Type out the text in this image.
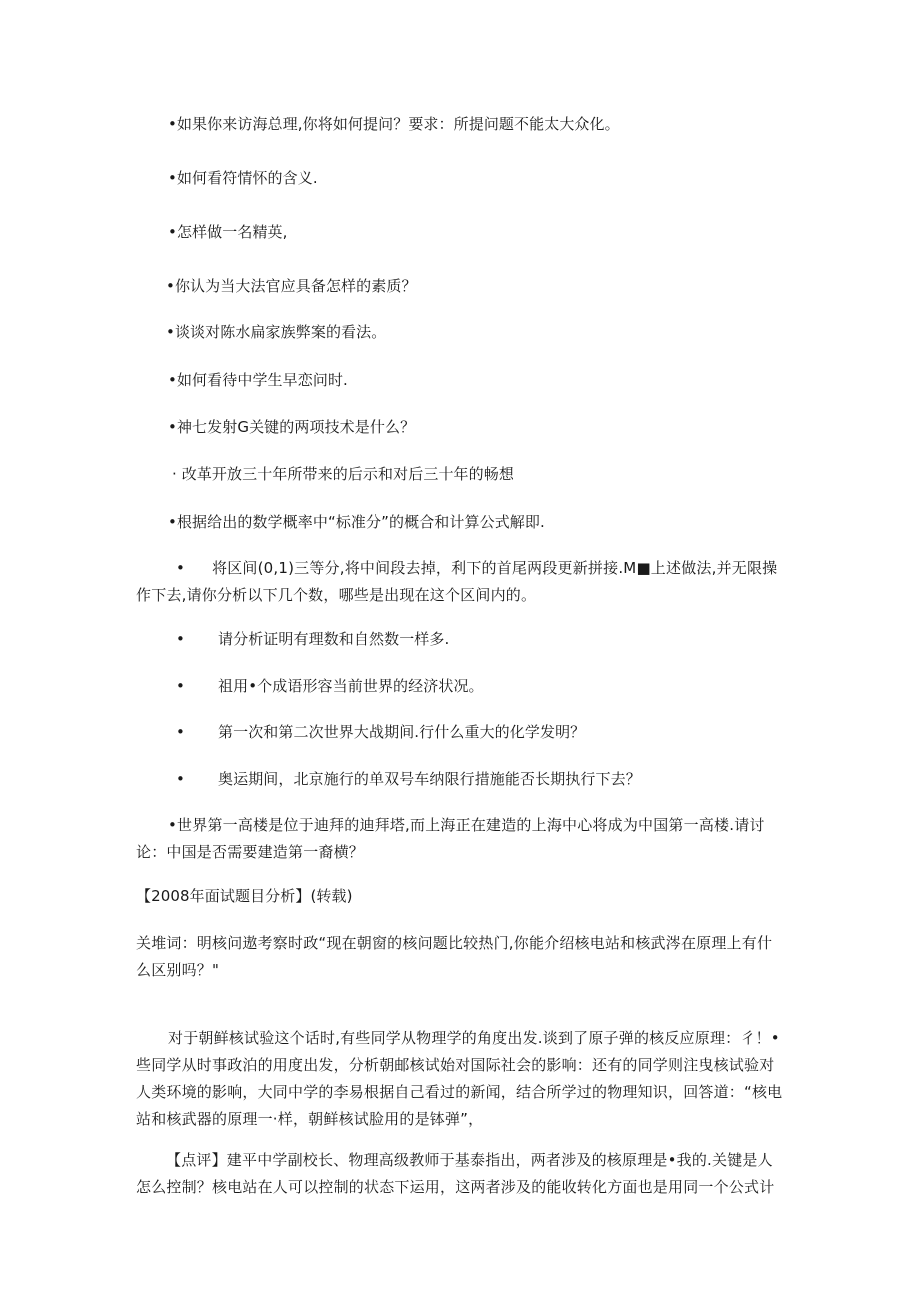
•如果你来访海总理,你将如何提问？要求：所提问题不能太大众化。
•如何看符情怀的含义.
•怎样做一名精英,
•你认为当大法官应具备怎样的素质？
•谈谈对陈水扁家族弊案的看法。
•如何看待中学生早恋问时.
•神七发射G关键的两项技术是什么？
· 改革开放三十年所带来的后示和对后三十年的畅想
•根据给出的数学概率中“标准分”的概合和计算公式解即.
• 将区间(0,1)三等分,将中间段去掉，利下的首尾两段更新拼接.M■上述做法,并无限操作下去,请你分析以下几个数，哪些是出现在这个区间内的。
• 请分析证明有理数和自然数一样多.
• 祖用•个成语形容当前世界的经济状况。
• 第一次和第二次世界大战期间.行什么重大的化学发明？
• 奥运期间，北京施行的单双号车纳限行措施能否长期执行下去？
•世界第一高楼是位于迪拜的迪拜塔,而上海正在建造的上海中心将成为中国第一高楼.请讨论：中国是否需要建造第一裔横？
【2008年面试题目分析】(转载)
关堆词：明核问遨考察时政“现在朝窗的核问题比较热门,你能介绍核电站和核武涔在原理上有什么区别吗？"
对于朝鲜核试验这个话时,有些同学从物理学的角度出发.谈到了原子弹的核反应原理：彳！•些同学从时事政泊的用度出发，分析朝邮核试始对国际社会的影响：还有的同学则注曳核试验对人类环境的影响，大同中学的李易根据自己看过的新闻，结合所学过的物理知识，回答道：“核电站和核武器的原理一·样，朝鲜核试脸用的是钵弹”，
【点评】建平中学副校长、物理高级教师于基泰指出，两者涉及的核原理是•我的.关键是人怎么控制？核电站在人可以控制的状态下运用，这两者涉及的能收转化方面也是用同一个公式计
